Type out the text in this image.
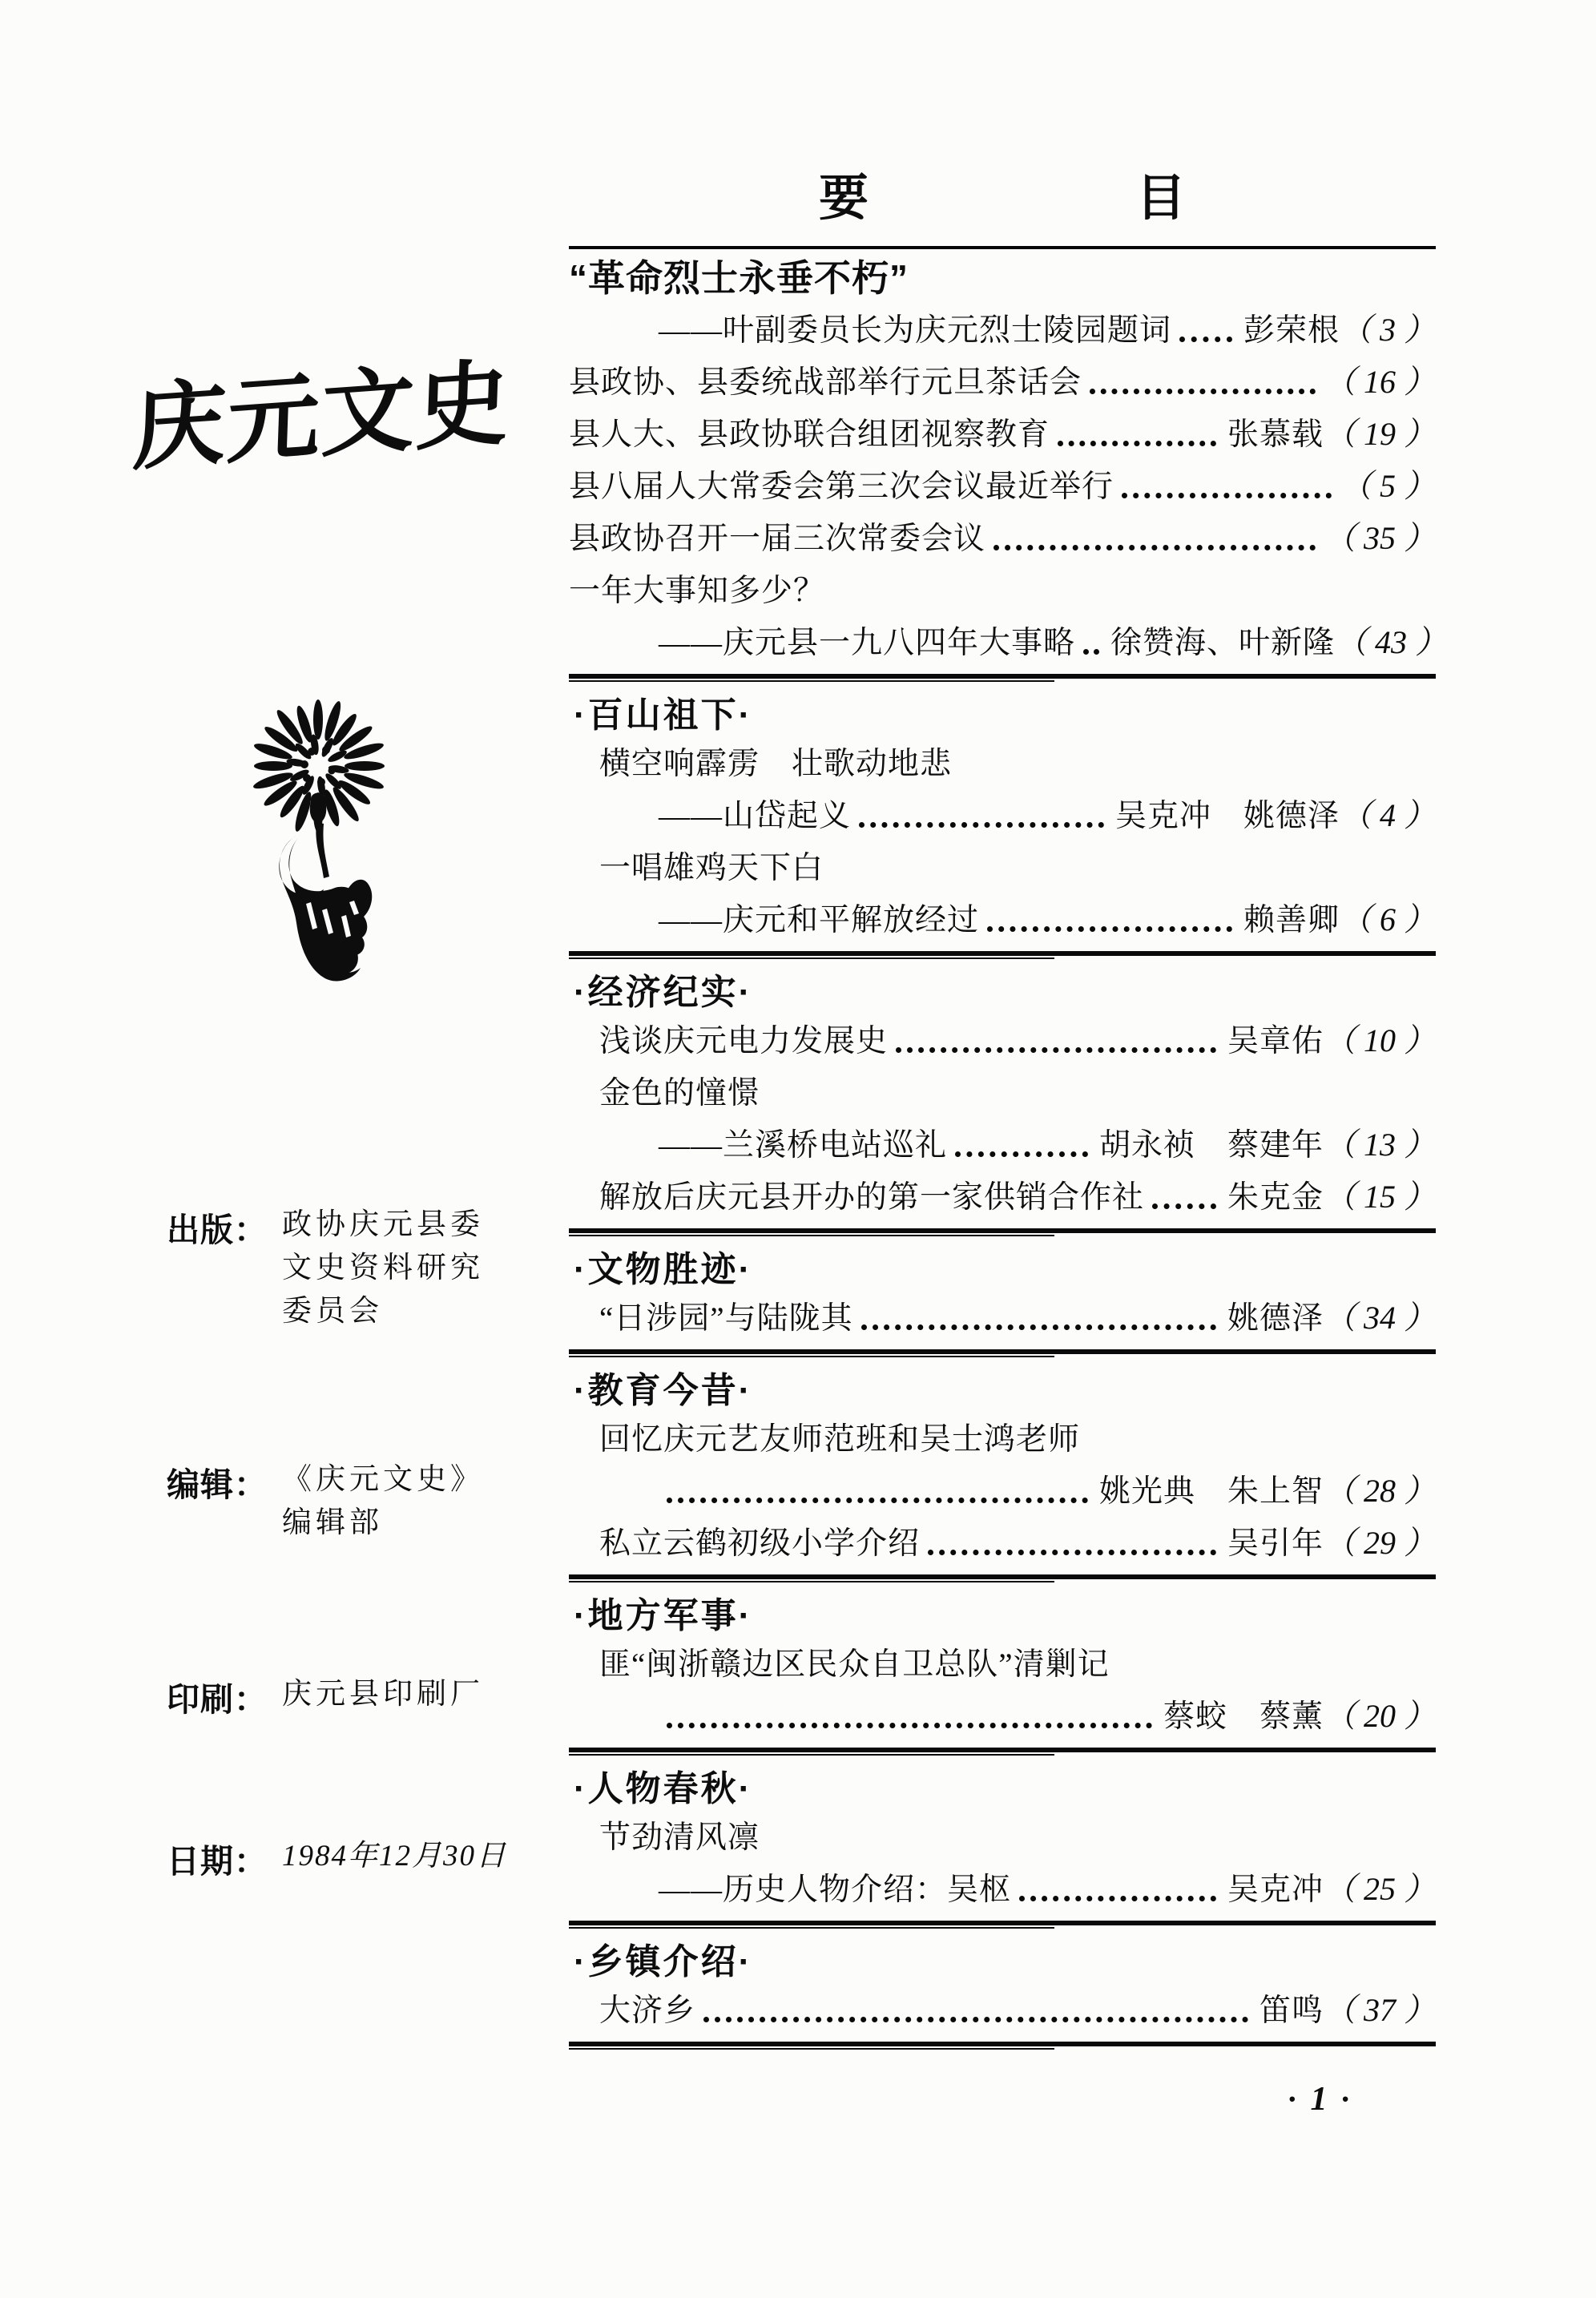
庆元文史
出版： 政协庆元县委
文史资料研究
委员会
编辑： 《庆元文史》
编辑部
印刷： 庆元县印刷厂
日期： 1984年12月30日
要	目
“革命烈士永垂不朽”
——叶副委员长为庆元烈士陵园题词 彭荣根 （ 3 ）
县政协、县委统战部举行元旦茶话会	（ 16 ）
县人大、县政协联合组团视察教育	张慕载 （ 19 ）
县八届人大常委会第三次会议最近举行	（ 5 ）
县政协召开一届三次常委会议	（ 35 ）
一年大事知多少？
——庆元县一九八四年大事略 徐赞海、叶新隆 （ 43 ）
·百山祖下·
横空响霹雳　壮歌动地悲
——山岱起义	吴克冲　姚德泽 （ 4 ）
一唱雄鸡天下白
——庆元和平解放经过	赖善卿 （ 6 ）
·经济纪实·
浅谈庆元电力发展史	吴章佑 （ 10 ）
金色的憧憬
——兰溪桥电站巡礼	胡永祯　蔡建年 （ 13 ）
解放后庆元县开办的第一家供销合作社	朱克金 （ 15 ）
·文物胜迹·
“日涉园”与陆陇其	姚德泽 （ 34 ）
·教育今昔·
回忆庆元艺友师范班和吴士鸿老师
姚光典　朱上智 （ 28 ）
私立云鹤初级小学介绍	吴引年 （ 29 ）
·地方军事·
匪“闽浙赣边区民众自卫总队”清剿记
蔡蛟　蔡薰 （ 20 ）
·人物春秋·
节劲清风凛
——历史人物介绍：吴枢	吴克冲 （ 25 ）
·乡镇介绍·
大济乡	笛鸣 （ 37 ）
· 1 ·
